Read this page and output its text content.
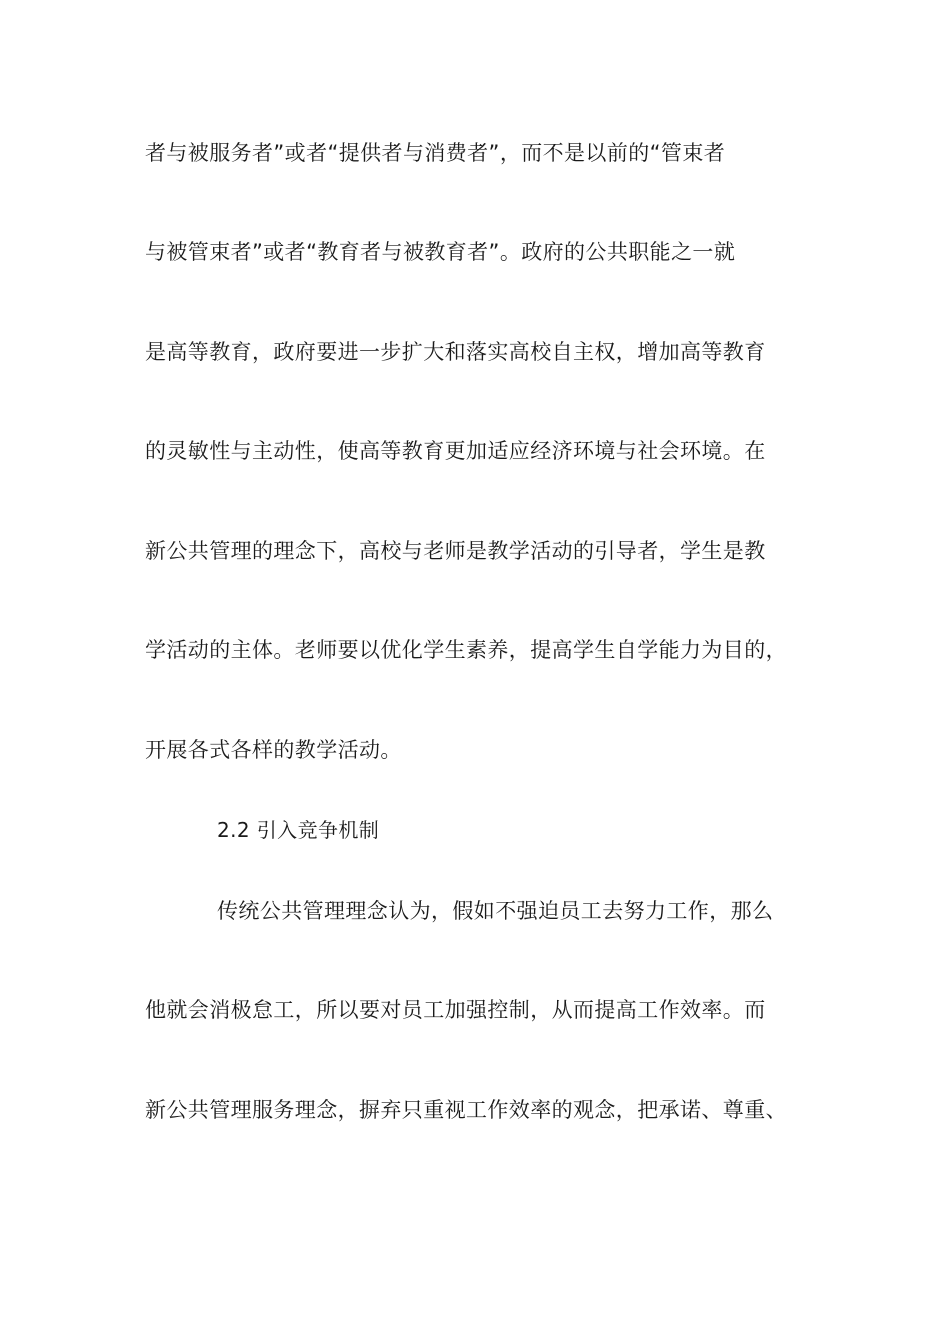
者与被服务者”或者“提供者与消费者”，而不是以前的“管束者
与被管束者”或者“教育者与被教育者”。政府的公共职能之一就
是高等教育，政府要进一步扩大和落实高校自主权，增加高等教育
的灵敏性与主动性，使高等教育更加适应经济环境与社会环境。在
新公共管理的理念下，高校与老师是教学活动的引导者，学生是教
学活动的主体。老师要以优化学生素养，提高学生自学能力为目的，
开展各式各样的教学活动。
2.2 引入竞争机制
传统公共管理理念认为，假如不强迫员工去努力工作，那么
他就会消极怠工，所以要对员工加强控制，从而提高工作效率。而
新公共管理服务理念，摒弃只重视工作效率的观念，把承诺、尊重、
